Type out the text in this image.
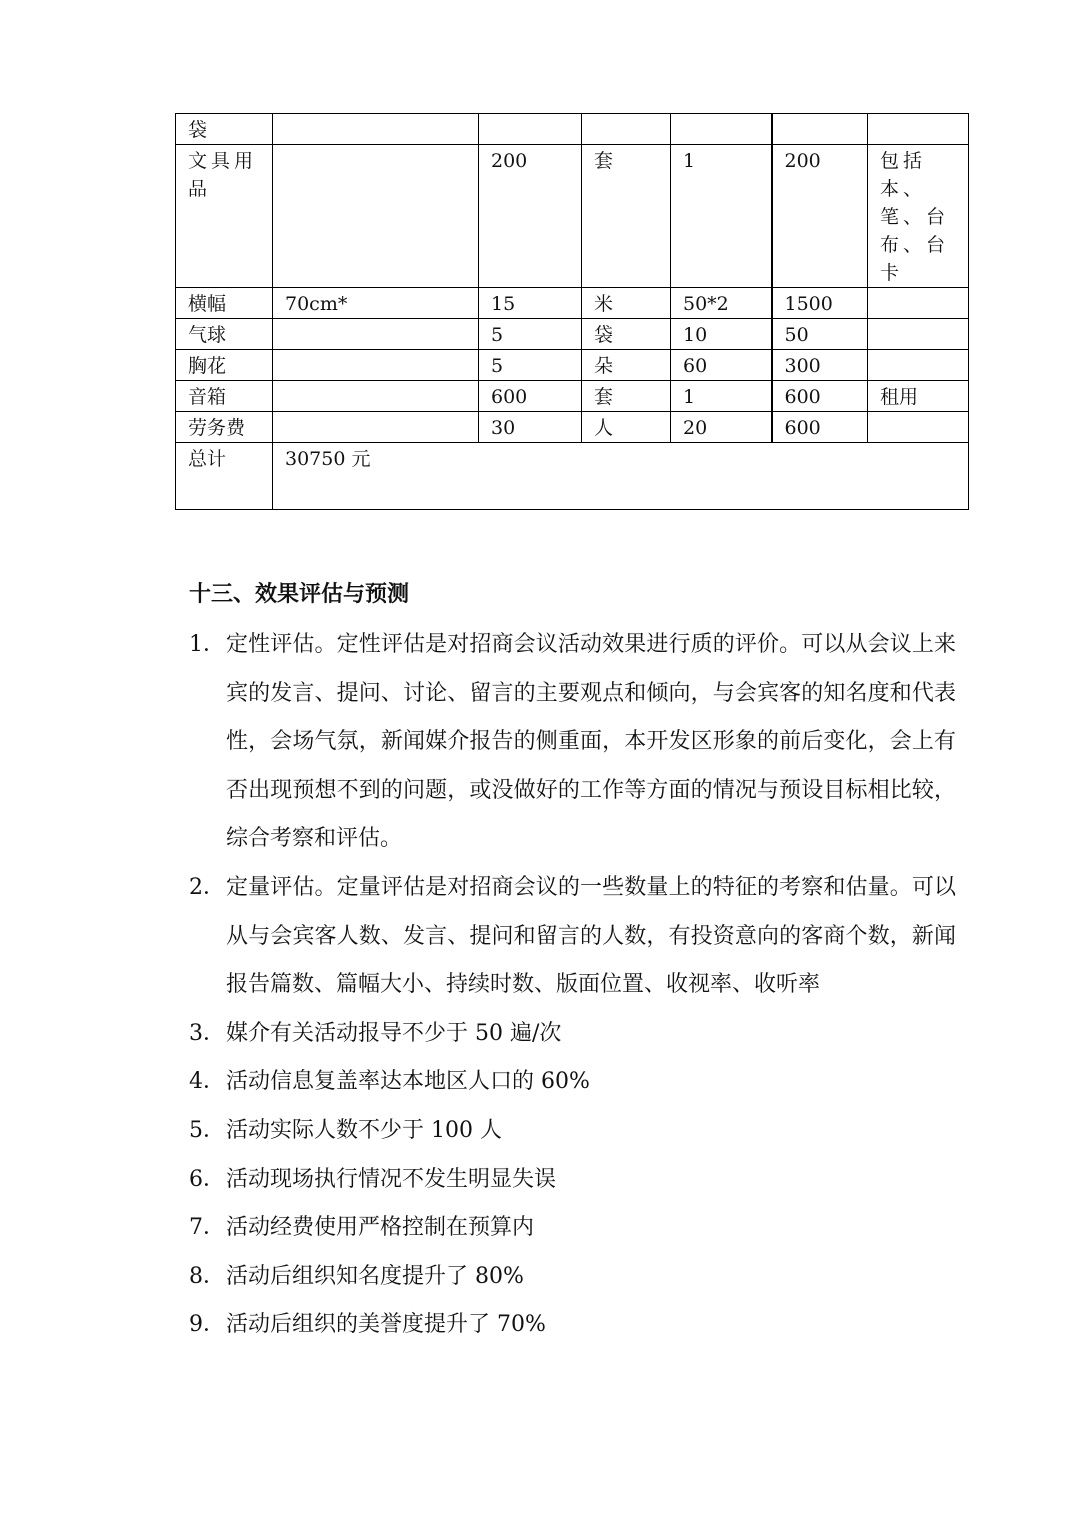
袋						
文具用品		200	套	1	200	包括本、笔、台布、台卡
横幅	70cm*	15	米	50*2	1500	
气球		5	袋	10	50	
胸花		5	朵	60	300	
音箱		600	套	1	600	租用
劳务费		30	人	20	600	
总计	30750 元					
十三、效果评估与预测
1． 定性评估。定性评估是对招商会议活动效果进行质的评价。可以从会议上来宾的发言、提问、讨论、留言的主要观点和倾向，与会宾客的知名度和代表性，会场气氛，新闻媒介报告的侧重面，本开发区形象的前后变化，会上有否出现预想不到的问题，或没做好的工作等方面的情况与预设目标相比较，综合考察和评估。
2． 定量评估。定量评估是对招商会议的一些数量上的特征的考察和估量。可以从与会宾客人数、发言、提问和留言的人数，有投资意向的客商个数，新闻报告篇数、篇幅大小、持续时数、版面位置、收视率、收听率
3． 媒介有关活动报导不少于 50 遍/次
4． 活动信息复盖率达本地区人口的 60%
5． 活动实际人数不少于 100 人
6． 活动现场执行情况不发生明显失误
7． 活动经费使用严格控制在预算内
8． 活动后组织知名度提升了 80%
9． 活动后组织的美誉度提升了 70%
